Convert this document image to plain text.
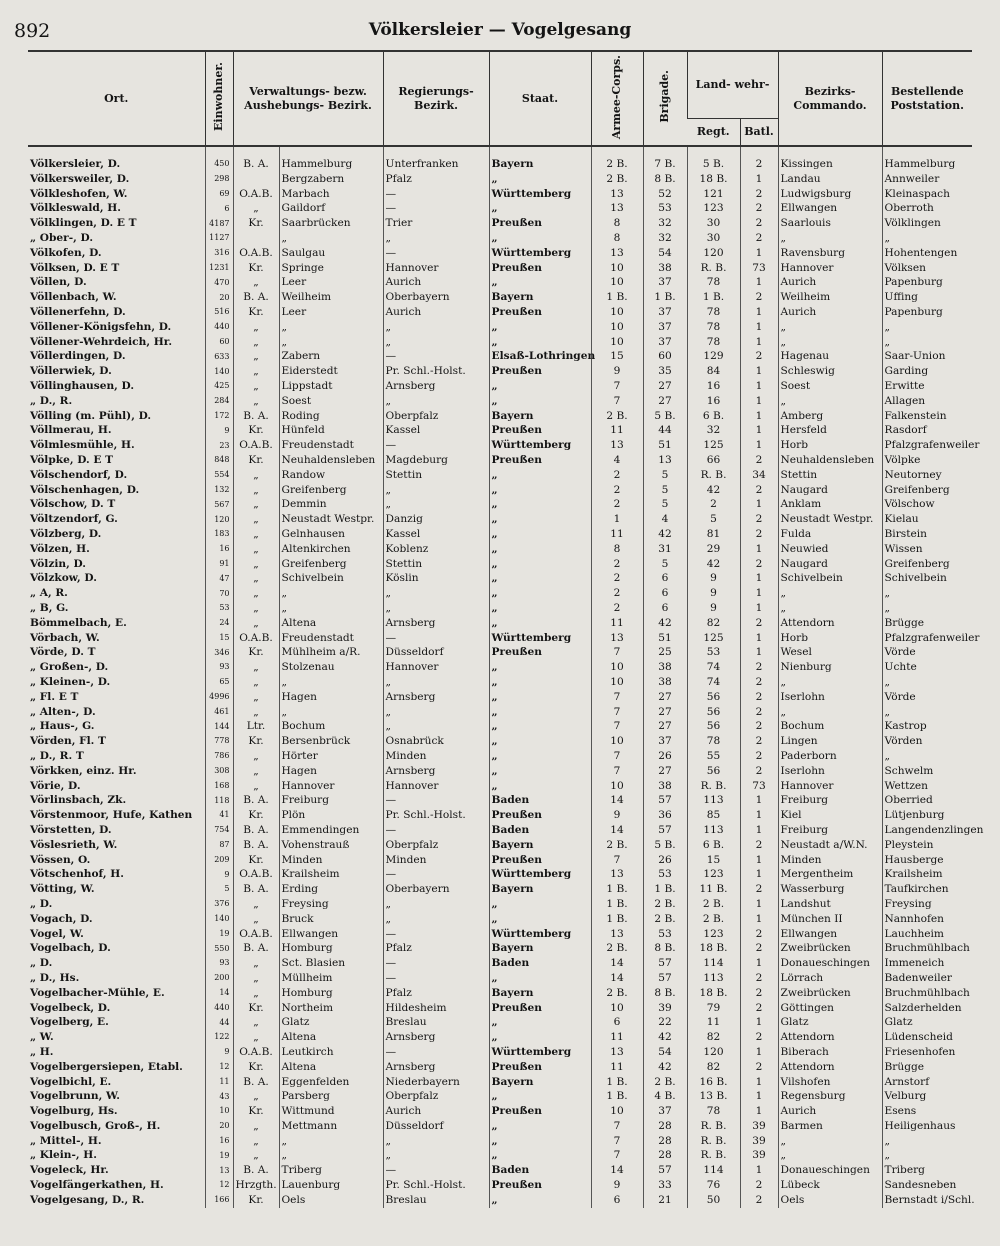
892	Völkersleier — Vogelgesang
Ort.	Einwohner.	Verwaltungs- bezw. Aushebungs- Bezirk.		Regierungs- Bezirk.	Staat.	Armee-Corps.	Brigade.	Land- wehr-		Bezirks- Commando.	Bestellende Poststation.
								Regt.	Batl.		
Völkersleier, D.	450	B. A.	Hammelburg	Unterfranken	Bayern	2 B.	7 B.	5 B.	2	Kissingen	Hammelburg
Völkersweiler, D.	298		Bergzabern	Pfalz	„	2 B.	8 B.	18 B.	1	Landau	Annweiler
Völkleshofen, W.	69	O.A.B.	Marbach	—	Württemberg	13	52	121	2	Ludwigsburg	Kleinaspach
Völkleswald, H.	6	„	Gaildorf	—	„	13	53	123	2	Ellwangen	Oberroth
Völklingen, D. E T	4187	Kr.	Saarbrücken	Trier	Preußen	8	32	30	2	Saarlouis	Völklingen
„ Ober-, D.	1127		„	„	„	8	32	30	2	„	„
Völkofen, D.	316	O.A.B.	Saulgau	—	Württemberg	13	54	120	1	Ravensburg	Hohentengen
Völksen, D. E T	1231	Kr.	Springe	Hannover	Preußen	10	38	R. B.	73	Hannover	Völksen
Völlen, D.	470	„	Leer	Aurich	„	10	37	78	1	Aurich	Papenburg
Völlenbach, W.	20	B. A.	Weilheim	Oberbayern	Bayern	1 B.	1 B.	1 B.	2	Weilheim	Uffing
Völlenerfehn, D.	516	Kr.	Leer	Aurich	Preußen	10	37	78	1	Aurich	Papenburg
Völlener-Königsfehn, D.	440	„	„	„	„	10	37	78	1	„	„
Völlener-Wehrdeich, Hr.	60	„	„	„	„	10	37	78	1	„	„
Völlerdingen, D.	633	„	Zabern	—	Elsaß-Lothringen	15	60	129	2	Hagenau	Saar-Union
Völlerwiek, D.	140	„	Eiderstedt	Pr. Schl.-Holst.	Preußen	9	35	84	1	Schleswig	Garding
Völlinghausen, D.	425	„	Lippstadt	Arnsberg	„	7	27	16	1	Soest	Erwitte
„ D., R.	284	„	Soest	„	„	7	27	16	1	„	Allagen
Völling (m. Pühl), D.	172	B. A.	Roding	Oberpfalz	Bayern	2 B.	5 B.	6 B.	1	Amberg	Falkenstein
Völlmerau, H.	9	Kr.	Hünfeld	Kassel	Preußen	11	44	32	1	Hersfeld	Rasdorf
Völmlesmühle, H.	23	O.A.B.	Freudenstadt	—	Württemberg	13	51	125	1	Horb	Pfalzgrafenweiler
Völpke, D. E T	848	Kr.	Neuhaldensleben	Magdeburg	Preußen	4	13	66	2	Neuhaldensleben	Völpke
Völschendorf, D.	554	„	Randow	Stettin	„	2	5	R. B.	34	Stettin	Neutorney
Völschenhagen, D.	132	„	Greifenberg	„	„	2	5	42	2	Naugard	Greifenberg
Völschow, D. T	567	„	Demmin	„	„	2	5	2	1	Anklam	Völschow
Völtzendorf, G.	120	„	Neustadt Westpr.	Danzig	„	1	4	5	2	Neustadt Westpr.	Kielau
Völzberg, D.	183	„	Gelnhausen	Kassel	„	11	42	81	2	Fulda	Birstein
Völzen, H.	16	„	Altenkirchen	Koblenz	„	8	31	29	1	Neuwied	Wissen
Völzin, D.	91	„	Greifenberg	Stettin	„	2	5	42	2	Naugard	Greifenberg
Völzkow, D.	47	„	Schivelbein	Köslin	„	2	6	9	1	Schivelbein	Schivelbein
„ A, R.	70	„	„	„	„	2	6	9	1	„	„
„ B, G.	53	„	„	„	„	2	6	9	1	„	„
Bömmelbach, E.	24	„	Altena	Arnsberg	„	11	42	82	2	Attendorn	Brügge
Vörbach, W.	15	O.A.B.	Freudenstadt	—	Württemberg	13	51	125	1	Horb	Pfalzgrafenweiler
Vörde, D. T	346	Kr.	Mühlheim a/R.	Düsseldorf	Preußen	7	25	53	1	Wesel	Vörde
„ Großen-, D.	93	„	Stolzenau	Hannover	„	10	38	74	2	Nienburg	Uchte
„ Kleinen-, D.	65	„	„	„	„	10	38	74	2	„	„
„ Fl. E T	4996	„	Hagen	Arnsberg	„	7	27	56	2	Iserlohn	Vörde
„ Alten-, D.	461	„	„	„	„	7	27	56	2	„	„
„ Haus-, G.	144	Ltr.	Bochum	„	„	7	27	56	2	Bochum	Kastrop
Vörden, Fl. T	778	Kr.	Bersenbrück	Osnabrück	„	10	37	78	2	Lingen	Vörden
„ D., R. T	786	„	Hörter	Minden	„	7	26	55	2	Paderborn	„
Vörkken, einz. Hr.	308	„	Hagen	Arnsberg	„	7	27	56	2	Iserlohn	Schwelm
Vörie, D.	168	„	Hannover	Hannover	„	10	38	R. B.	73	Hannover	Wettzen
Vörlinsbach, Zk.	118	B. A.	Freiburg	—	Baden	14	57	113	1	Freiburg	Oberried
Vörstenmoor, Hufe, Kathen	41	Kr.	Plön	Pr. Schl.-Holst.	Preußen	9	36	85	1	Kiel	Lütjenburg
Vörstetten, D.	754	B. A.	Emmendingen	—	Baden	14	57	113	1	Freiburg	Langendenzlingen
Vöslesrieth, W.	87	B. A.	Vohenstrauß	Oberpfalz	Bayern	2 B.	5 B.	6 B.	2	Neustadt a/W.N.	Pleystein
Vössen, O.	209	Kr.	Minden	Minden	Preußen	7	26	15	1	Minden	Hausberge
Vötschenhof, H.	9	O.A.B.	Krailsheim	—	Württemberg	13	53	123	1	Mergentheim	Krailsheim
Vötting, W.	5	B. A.	Erding	Oberbayern	Bayern	1 B.	1 B.	11 B.	2	Wasserburg	Taufkirchen
„ D.	376	„	Freysing	„	„	1 B.	2 B.	2 B.	1	Landshut	Freysing
Vogach, D.	140	„	Bruck	„	„	1 B.	2 B.	2 B.	1	München II	Nannhofen
Vogel, W.	19	O.A.B.	Ellwangen	—	Württemberg	13	53	123	2	Ellwangen	Lauchheim
Vogelbach, D.	550	B. A.	Homburg	Pfalz	Bayern	2 B.	8 B.	18 B.	2	Zweibrücken	Bruchmühlbach
„ D.	93	„	Sct. Blasien	—	Baden	14	57	114	1	Donaueschingen	Immeneich
„ D., Hs.	200	„	Müllheim	—	„	14	57	113	2	Lörrach	Badenweiler
Vogelbacher-Mühle, E.	14	„	Homburg	Pfalz	Bayern	2 B.	8 B.	18 B.	2	Zweibrücken	Bruchmühlbach
Vogelbeck, D.	440	Kr.	Northeim	Hildesheim	Preußen	10	39	79	2	Göttingen	Salzderhelden
Vogelberg, E.	44	„	Glatz	Breslau	„	6	22	11	1	Glatz	Glatz
„ W.	122	„	Altena	Arnsberg	„	11	42	82	2	Attendorn	Lüdenscheid
„ H.	9	O.A.B.	Leutkirch	—	Württemberg	13	54	120	1	Biberach	Friesenhofen
Vogelbergersiepen, Etabl.	12	Kr.	Altena	Arnsberg	Preußen	11	42	82	2	Attendorn	Brügge
Vogelbichl, E.	11	B. A.	Eggenfelden	Niederbayern	Bayern	1 B.	2 B.	16 B.	1	Vilshofen	Arnstorf
Vogelbrunn, W.	43	„	Parsberg	Oberpfalz	„	1 B.	4 B.	13 B.	1	Regensburg	Velburg
Vogelburg, Hs.	10	Kr.	Wittmund	Aurich	Preußen	10	37	78	1	Aurich	Esens
Vogelbusch, Groß-, H.	20	„	Mettmann	Düsseldorf	„	7	28	R. B.	39	Barmen	Heiligenhaus
„ Mittel-, H.	16	„	„	„	„	7	28	R. B.	39	„	„
„ Klein-, H.	19	„	„	„	„	7	28	R. B.	39	„	„
Vogeleck, Hr.	13	B. A.	Triberg	—	Baden	14	57	114	1	Donaueschingen	Triberg
Vogelfängerkathen, H.	12	Hrzgth.	Lauenburg	Pr. Schl.-Holst.	Preußen	9	33	76	2	Lübeck	Sandesneben
Vogelgesang, D., R.	166	Kr.	Oels	Breslau	„	6	21	50	2	Oels	Bernstadt i/Schl.
